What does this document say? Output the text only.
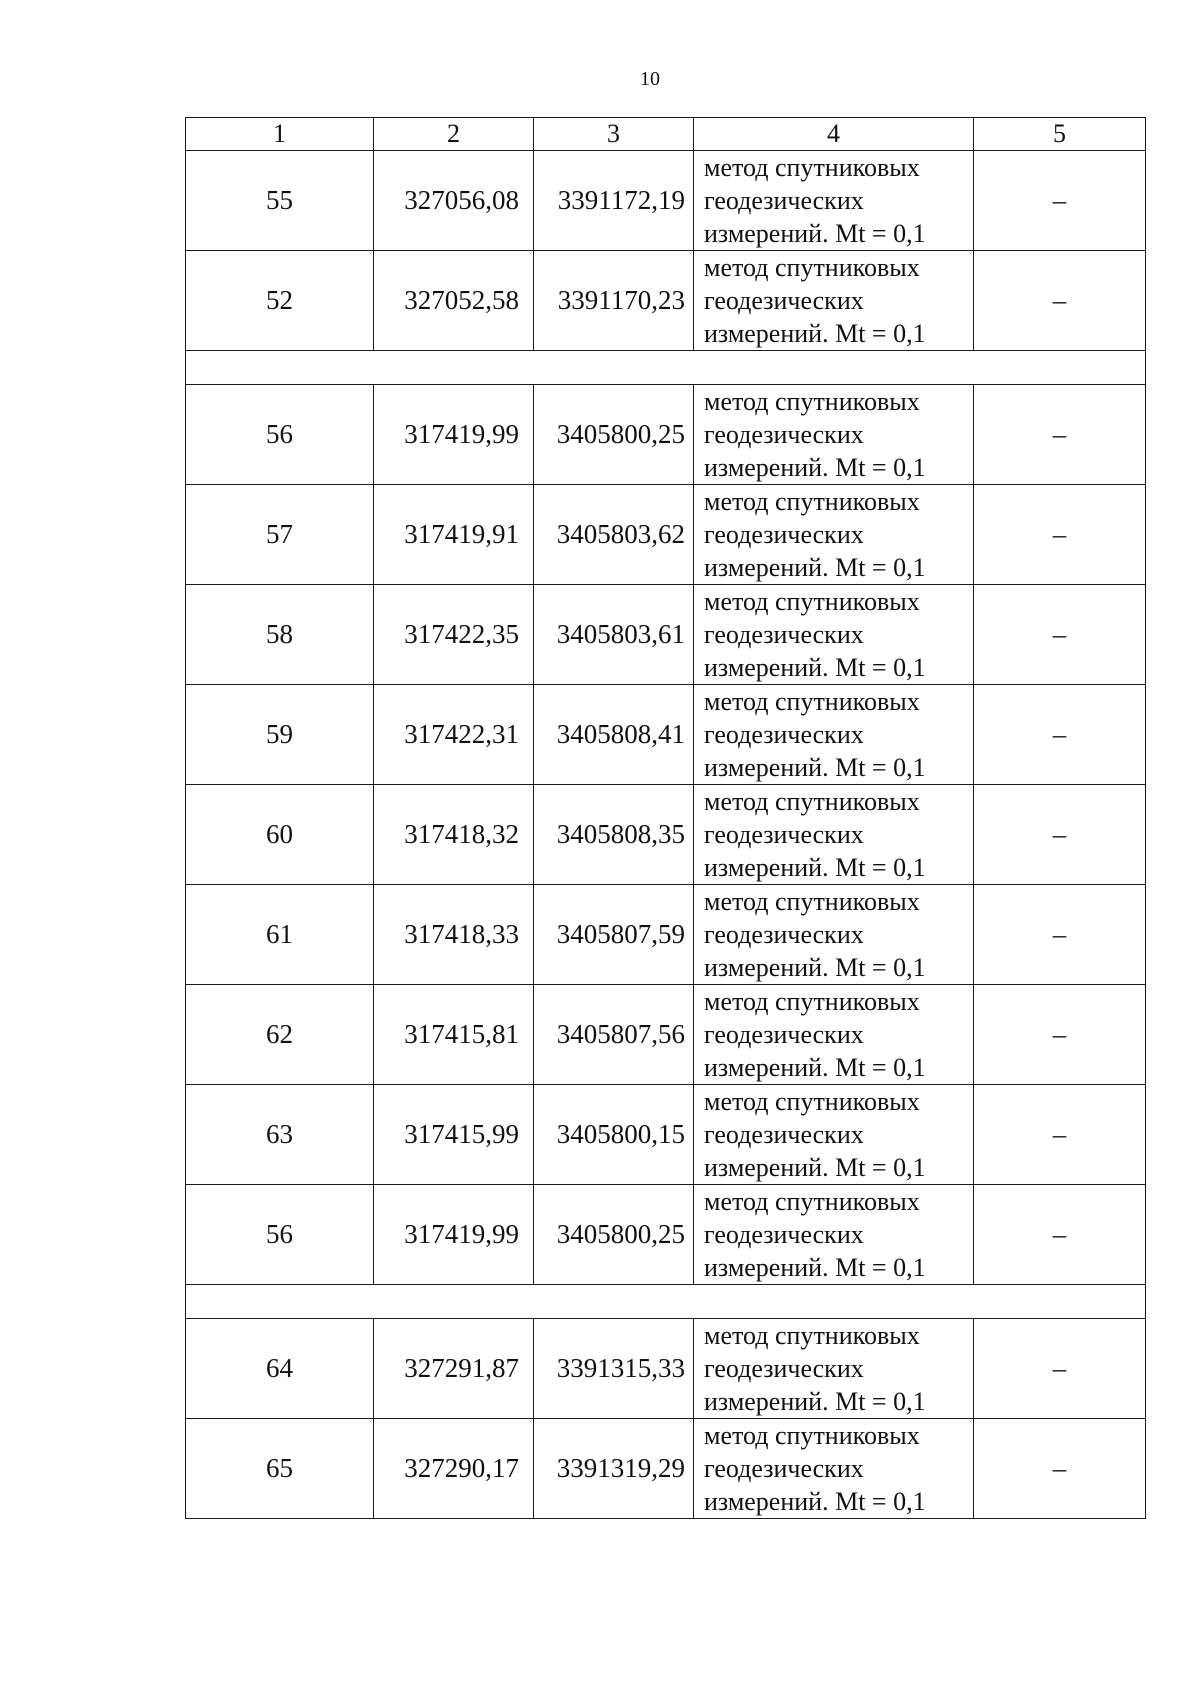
10
1	2	3	4	5
55	327056,08	3391172,19	метод спутниковых
геодезических
измерений. Mt = 0,1	–
52	327052,58	3391170,23	метод спутниковых
геодезических
измерений. Mt = 0,1	–

56	317419,99	3405800,25	метод спутниковых
геодезических
измерений. Mt = 0,1	–
57	317419,91	3405803,62	метод спутниковых
геодезических
измерений. Mt = 0,1	–
58	317422,35	3405803,61	метод спутниковых
геодезических
измерений. Mt = 0,1	–
59	317422,31	3405808,41	метод спутниковых
геодезических
измерений. Mt = 0,1	–
60	317418,32	3405808,35	метод спутниковых
геодезических
измерений. Mt = 0,1	–
61	317418,33	3405807,59	метод спутниковых
геодезических
измерений. Mt = 0,1	–
62	317415,81	3405807,56	метод спутниковых
геодезических
измерений. Mt = 0,1	–
63	317415,99	3405800,15	метод спутниковых
геодезических
измерений. Mt = 0,1	–
56	317419,99	3405800,25	метод спутниковых
геодезических
измерений. Mt = 0,1	–

64	327291,87	3391315,33	метод спутниковых
геодезических
измерений. Mt = 0,1	–
65	327290,17	3391319,29	метод спутниковых
геодезических
измерений. Mt = 0,1	–
